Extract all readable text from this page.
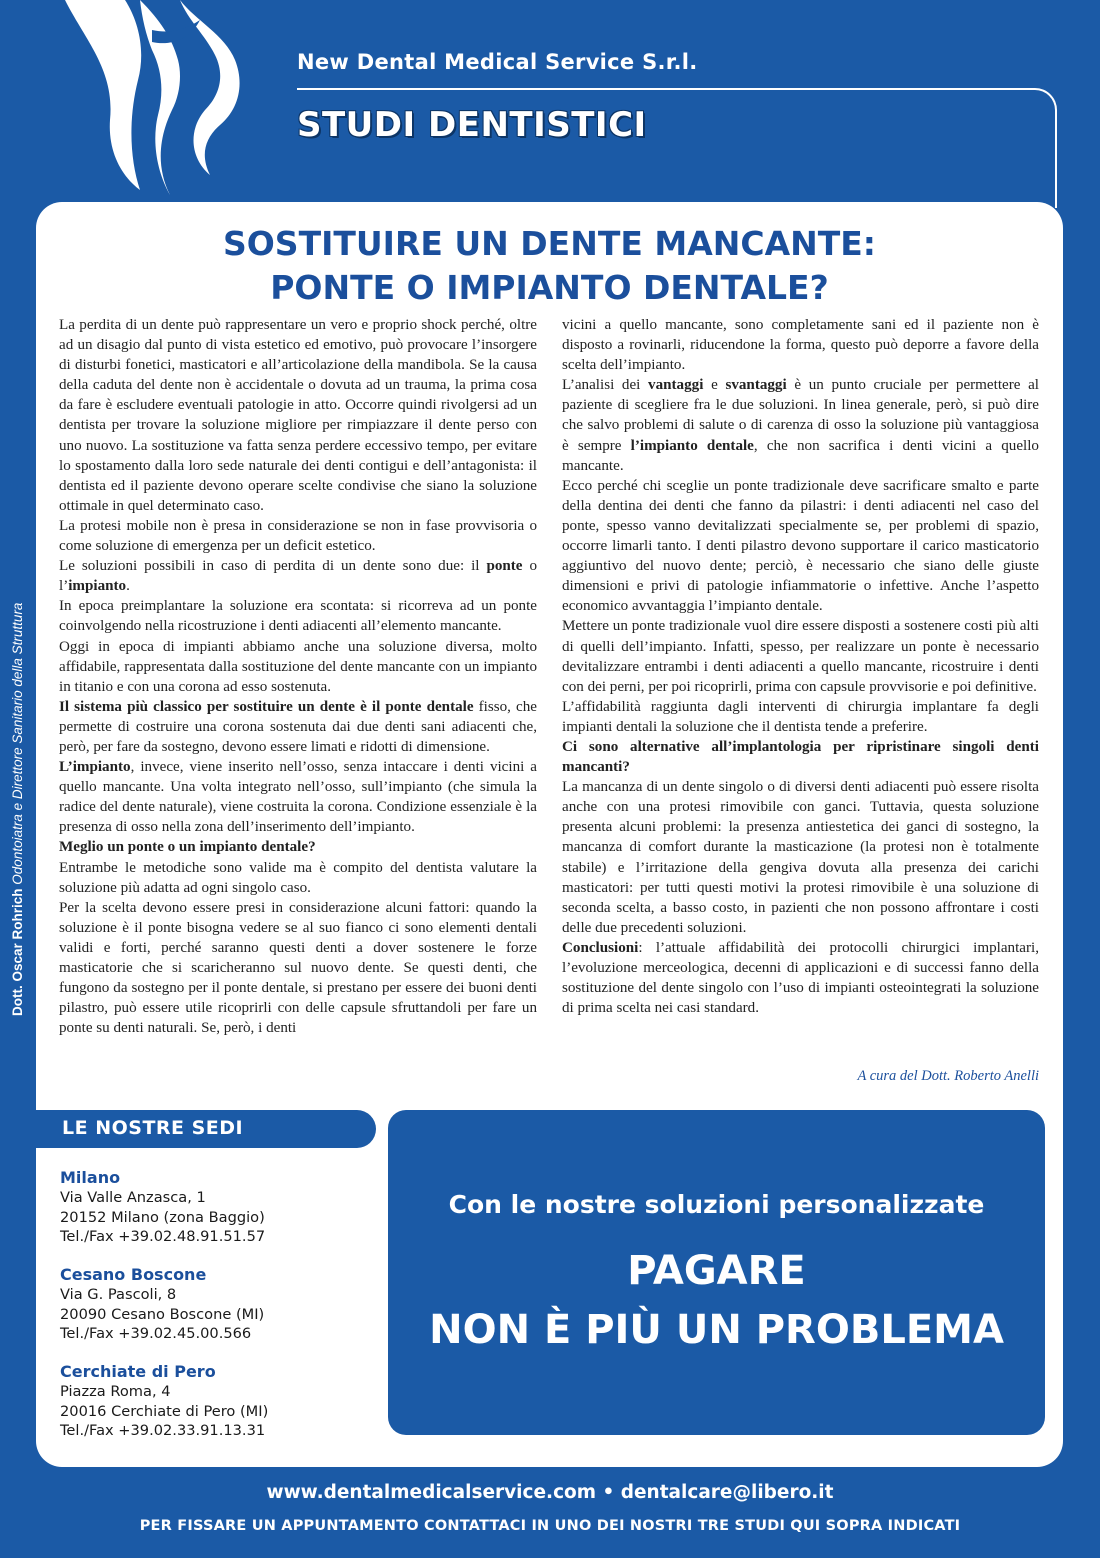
New Dental Medical Service S.r.l.
STUDI DENTISTICI
Dott. Oscar Rohrich Odontoiatra e Direttore Sanitario della Struttura
SOSTITUIRE UN DENTE MANCANTE:
PONTE O IMPIANTO DENTALE?

La perdita di un dente può rappresentare un vero e proprio shock perché, oltre ad un disagio dal punto di vista estetico ed emotivo, può provocare l’insorgere di disturbi fonetici, masticatori e all’articolazione della mandibola. Se la causa della caduta del dente non è accidentale o dovuta ad un trauma, la prima cosa da fare è escludere eventuali patologie in atto. Occorre quindi rivolgersi ad un dentista per trovare la soluzione migliore per rimpiazzare il dente perso con uno nuovo. La sostituzione va fatta senza perdere eccessivo tempo, per evitare lo spostamento dalla loro sede naturale dei denti contigui e dell’antagonista: il dentista ed il paziente devono operare scelte condivise che siano la soluzione ottimale in quel determinato caso.

La protesi mobile non è presa in considerazione se non in fase provvisoria o come soluzione di emergenza per un deficit estetico.

Le soluzioni possibili in caso di perdita di un dente sono due: il ponte o l’impianto.

In epoca preimplantare la soluzione era scontata: si ricorreva ad un ponte coinvolgendo nella ricostruzione i denti adiacenti all’elemento mancante.

Oggi in epoca di impianti abbiamo anche una soluzione diversa, molto affidabile, rappresentata dalla sostituzione del dente mancante con un impianto in titanio e con una corona ad esso sostenuta.

Il sistema più classico per sostituire un dente è il ponte dentale fisso, che permette di costruire una corona sostenuta dai due denti sani adiacenti che, però, per fare da sostegno, devono essere limati e ridotti di dimensione.

L’impianto, invece, viene inserito nell’osso, senza intaccare i denti vicini a quello mancante. Una volta integrato nell’osso, sull’impianto (che simula la radice del dente naturale), viene costruita la corona. Condizione essenziale è la presenza di osso nella zona dell’inserimento dell’impianto.

Meglio un ponte o un impianto dentale?

Entrambe le metodiche sono valide ma è compito del dentista valutare la soluzione più adatta ad ogni singolo caso.

Per la scelta devono essere presi in considerazione alcuni fattori: quando la soluzione è il ponte bisogna vedere se al suo fianco ci sono elementi dentali validi e forti, perché saranno questi denti a dover sostenere le forze masticatorie che si scaricheranno sul nuovo dente. Se questi denti, che fungono da sostegno per il ponte dentale, si prestano per essere dei buoni denti pilastro, può essere utile ricoprirli con delle capsule sfruttandoli per fare un ponte su denti naturali. Se, però, i denti

vicini a quello mancante, sono completamente sani ed il paziente non è disposto a rovinarli, riducendone la forma, questo può deporre a favore della scelta dell’impianto.

L’analisi dei vantaggi e svantaggi è un punto cruciale per permettere al paziente di scegliere fra le due soluzioni. In linea generale, però, si può dire che salvo problemi di salute o di carenza di osso la soluzione più vantaggiosa è sempre l’impianto dentale, che non sacrifica i denti vicini a quello mancante.

Ecco perché chi sceglie un ponte tradizionale deve sacrificare smalto e parte della dentina dei denti che fanno da pilastri: i denti adiacenti nel caso del ponte, spesso vanno devitalizzati specialmente se, per problemi di spazio, occorre limarli tanto. I denti pilastro devono supportare il carico masticatorio aggiuntivo del nuovo dente; perciò, è necessario che siano delle giuste dimensioni e privi di patologie infiammatorie o infettive. Anche l’aspetto economico avvantaggia l’impianto dentale.

Mettere un ponte tradizionale vuol dire essere disposti a sostenere costi più alti di quelli dell’impianto. Infatti, spesso, per realizzare un ponte è necessario devitalizzare entrambi i denti adiacenti a quello mancante, ricostruire i denti con dei perni, per poi ricoprirli, prima con capsule provvisorie e poi definitive.

L’affidabilità raggiunta dagli interventi di chirurgia implantare fa degli impianti dentali la soluzione che il dentista tende a preferire.

Ci sono alternative all’implantologia per ripristinare singoli denti mancanti?

La mancanza di un dente singolo o di diversi denti adiacenti può essere risolta anche con una protesi rimovibile con ganci. Tuttavia, questa soluzione presenta alcuni problemi: la presenza antiestetica dei ganci di sostegno, la mancanza di comfort durante la masticazione (la protesi non è totalmente stabile) e l’irritazione della gengiva dovuta alla presenza dei carichi masticatori: per tutti questi motivi la protesi rimovibile è una soluzione di seconda scelta, a basso costo, in pazienti che non possono affrontare i costi delle due precedenti soluzioni.

Conclusioni: l’attuale affidabilità dei protocolli chirurgici implantari, l’evoluzione merceologica, decenni di applicazioni e di successi fanno della sostituzione del dente singolo con l’uso di impianti osteointegrati la soluzione di prima scelta nei casi standard.

A cura del Dott. Roberto Anelli
LE NOSTRE SEDI
Milano
Via Valle Anzasca, 1
20152 Milano (zona Baggio)
Tel./Fax +39.02.48.91.51.57
Cesano Boscone
Via G. Pascoli, 8
20090 Cesano Boscone (MI)
Tel./Fax +39.02.45.00.566
Cerchiate di Pero
Piazza Roma, 4
20016 Cerchiate di Pero (MI)
Tel./Fax +39.02.33.91.13.31
Con le nostre soluzioni personalizzate
PAGARE
NON È PIÙ UN PROBLEMA
www.dentalmedicalservice.com • dentalcare@libero.it
PER FISSARE UN APPUNTAMENTO CONTATTACI IN UNO DEI NOSTRI TRE STUDI QUI SOPRA INDICATI
